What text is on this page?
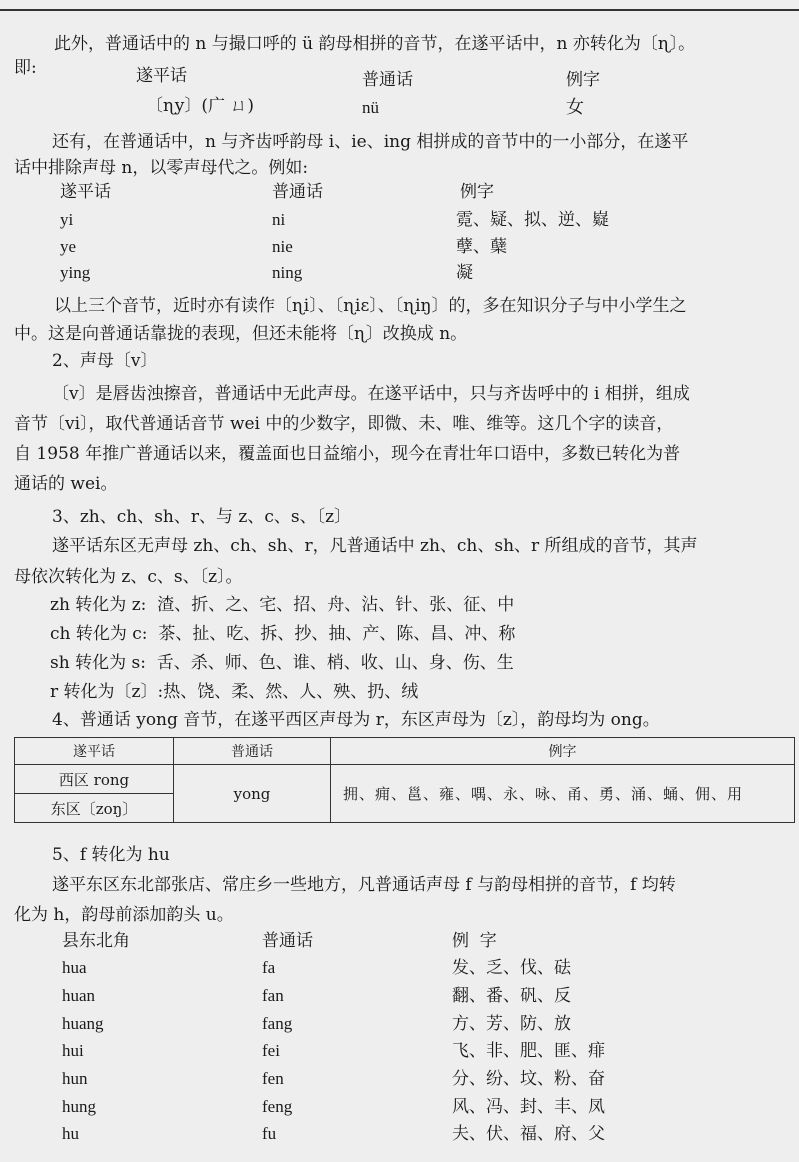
此外，普通话中的 n 与撮口呼的 ü 韵母相拼的音节，在遂平话中，n 亦转化为〔ɳ〕。
即:	遂平话	普通话	例字
〔ɳy〕(广 ㄩ)	nü	女
还有，在普通话中，n 与齐齿呼韵母 i、ie、ing 相拼成的音节中的一小部分，在遂平
话中排除声母 n，以零声母代之。例如:
遂平话	普通话	例字
yi	ni	霓、疑、拟、逆、嶷
ye	nie	孽、蘖
ying	ning	凝
以上三个音节，近时亦有读作〔ɳi〕、〔ɳiɛ〕、〔ɳiŋ〕的，多在知识分子与中小学生之
中。这是向普通话靠拢的表现，但还未能将〔ɳ〕改换成 n。
2、声母〔v〕
〔v〕是唇齿浊擦音，普通话中无此声母。在遂平话中，只与齐齿呼中的 i 相拼，组成
音节〔vi〕，取代普通话音节 wei 中的少数字，即微、未、唯、维等。这几个字的读音，
自 1958 年推广普通话以来，覆盖面也日益缩小，现今在青壮年口语中，多数已转化为普
通话的 wei。
3、zh、ch、sh、r、与 z、c、s、〔z〕
遂平话东区无声母 zh、ch、sh、r，凡普通话中 zh、ch、sh、r 所组成的音节，其声
母依次转化为 z、c、s、〔z〕。
zh 转化为 z:  渣、折、之、宅、招、舟、沾、针、张、征、中
ch 转化为 c:  茶、扯、吃、拆、抄、抽、产、陈、昌、冲、称
sh 转化为 s:  舌、杀、师、色、谁、梢、收、山、身、伤、生
r 转化为〔z〕:热、饶、柔、然、人、殃、扔、绒
4、普通话 yong 音节，在遂平西区声母为 r，东区声母为〔z〕，韵母均为 ong。
遂平话	普通话	例字
西区 rong	yong	拥、痈、邕、雍、喁、永、咏、甬、勇、涌、蛹、佣、用
东区〔zoŋ〕		
5、f 转化为 hu
遂平东区东北部张店、常庄乡一些地方，凡普通话声母 f 与韵母相拼的音节，f 均转
化为 h，韵母前添加韵头 u。
县东北角	普通话	例  字
hua	fa	发、乏、伐、砝
huan	fan	翻、番、矾、反
huang	fang	方、芳、防、放
hui	fei	飞、非、肥、匪、痱
hun	fen	分、纷、坟、粉、奋
hung	feng	风、冯、封、丰、凤
hu	fu	夫、伏、福、府、父
